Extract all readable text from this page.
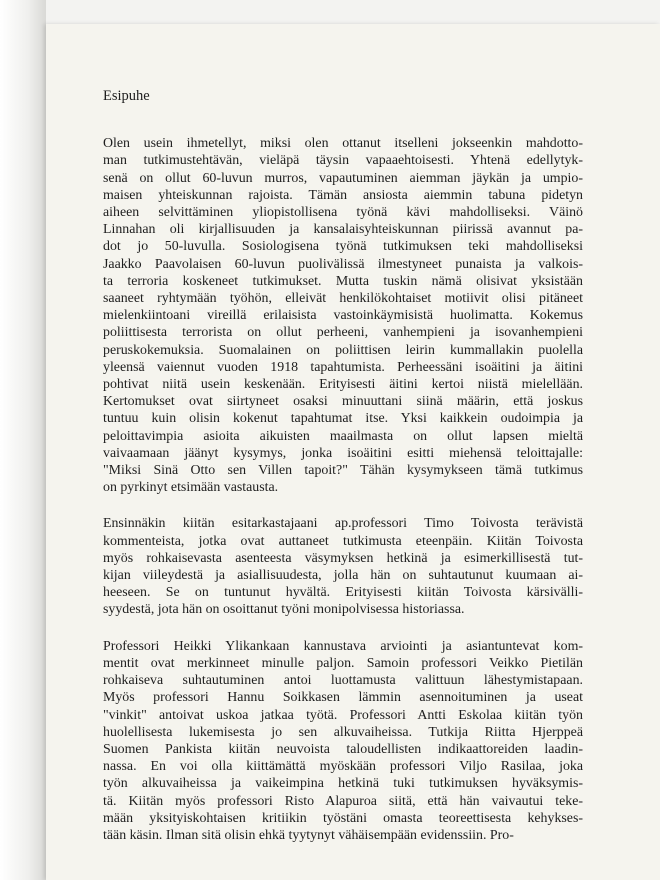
Esipuhe
Olen usein ihmetellyt, miksi olen ottanut itselleni jokseenkin mahdotto-
man tutkimustehtävän, vieläpä täysin vapaaehtoisesti. Yhtenä edellytyk-
senä on ollut 60-luvun murros, vapautuminen aiemman jäykän ja umpio-
maisen yhteiskunnan rajoista. Tämän ansiosta aiemmin tabuna pidetyn
aiheen selvittäminen yliopistollisena työnä kävi mahdolliseksi. Väinö
Linnahan oli kirjallisuuden ja kansalaisyhteiskunnan piirissä avannut pa-
dot jo 50-luvulla. Sosiologisena työnä tutkimuksen teki mahdolliseksi
Jaakko Paavolaisen 60-luvun puolivälissä ilmestyneet punaista ja valkois-
ta terroria koskeneet tutkimukset. Mutta tuskin nämä olisivat yksistään
saaneet ryhtymään työhön, elleivät henkilökohtaiset motiivit olisi pitäneet
mielenkiintoani vireillä erilaisista vastoinkäymisistä huolimatta. Kokemus
poliittisesta terrorista on ollut perheeni, vanhempieni ja isovanhempieni
peruskokemuksia. Suomalainen on poliittisen leirin kummallakin puolella
yleensä vaiennut vuoden 1918 tapahtumista. Perheessäni isoäitini ja äitini
pohtivat niitä usein keskenään. Erityisesti äitini kertoi niistä mielellään.
Kertomukset ovat siirtyneet osaksi minuuttani siinä määrin, että joskus
tuntuu kuin olisin kokenut tapahtumat itse. Yksi kaikkein oudoimpia ja
peloittavimpia asioita aikuisten maailmasta on ollut lapsen mieltä
vaivaamaan jäänyt kysymys, jonka isoäitini esitti miehensä teloittajalle:
"Miksi Sinä Otto sen Villen tapoit?" Tähän kysymykseen tämä tutkimus
on pyrkinyt etsimään vastausta.
Ensinnäkin kiitän esitarkastajaani ap.professori Timo Toivosta terävistä
kommenteista, jotka ovat auttaneet tutkimusta eteenpäin. Kiitän Toivosta
myös rohkaisevasta asenteesta väsymyksen hetkinä ja esimerkillisestä tut-
kijan viileydestä ja asiallisuudesta, jolla hän on suhtautunut kuumaan ai-
heeseen. Se on tuntunut hyvältä. Erityisesti kiitän Toivosta kärsivälli-
syydestä, jota hän on osoittanut työni monipolvisessa historiassa.
Professori Heikki Ylikankaan kannustava arviointi ja asiantuntevat kom-
mentit ovat merkinneet minulle paljon. Samoin professori Veikko Pietilän
rohkaiseva suhtautuminen antoi luottamusta valittuun lähestymistapaan.
Myös professori Hannu Soikkasen lämmin asennoituminen ja useat
"vinkit" antoivat uskoa jatkaa työtä. Professori Antti Eskolaa kiitän työn
huolellisesta lukemisesta jo sen alkuvaiheissa. Tutkija Riitta Hjerppeä
Suomen Pankista kiitän neuvoista taloudellisten indikaattoreiden laadin-
nassa. En voi olla kiittämättä myöskään professori Viljo Rasilaa, joka
työn alkuvaiheissa ja vaikeimpina hetkinä tuki tutkimuksen hyväksymis-
tä. Kiitän myös professori Risto Alapuroa siitä, että hän vaivautui teke-
mään yksityiskohtaisen kritiikin työstäni omasta teoreettisesta kehykses-
tään käsin. Ilman sitä olisin ehkä tyytynyt vähäisempään evidenssiin. Pro-
